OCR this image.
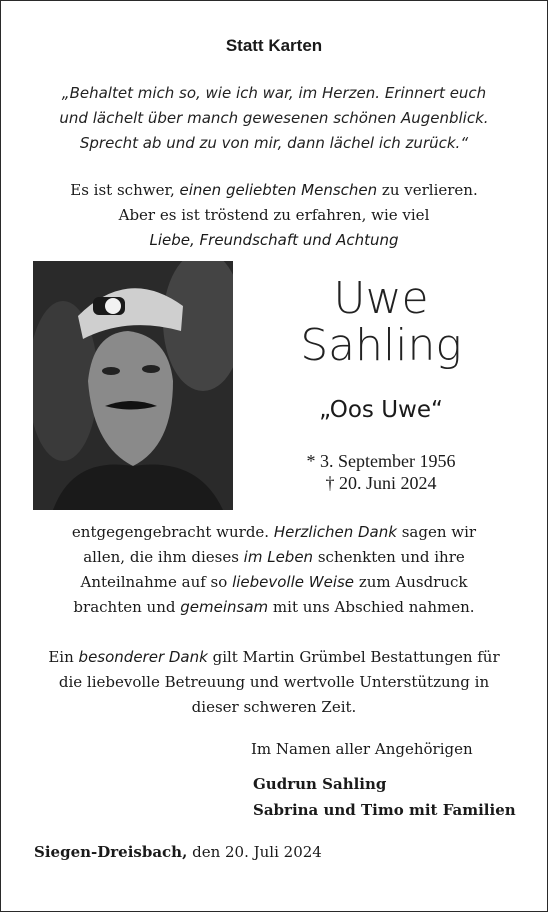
Statt Karten
„Behaltet mich so, wie ich war, im Herzen. Erinnert euch
und lächelt über manch gewesenen schönen Augenblick.
Sprecht ab und zu von mir, dann lächel ich zurück.“
Es ist schwer, einen geliebten Menschen zu verlieren.
Aber es ist tröstend zu erfahren, wie viel
Liebe, Freundschaft und Achtung
Uwe
Sahling
„Oos Uwe“
* 3. September 1956
† 20. Juni 2024
entgegengebracht wurde. Herzlichen Dank sagen wir
allen, die ihm dieses im Leben schenkten und ihre
Anteilnahme auf so liebevolle Weise zum Ausdruck
brachten und gemeinsam mit uns Abschied nahmen.
Ein besonderer Dank gilt Martin Grümbel Bestattungen für
die liebevolle Betreuung und wertvolle Unterstützung in
dieser schweren Zeit.
Im Namen aller Angehörigen
Gudrun Sahling
Sabrina und Timo mit Familien
Siegen-Dreisbach, den 20. Juli 2024
